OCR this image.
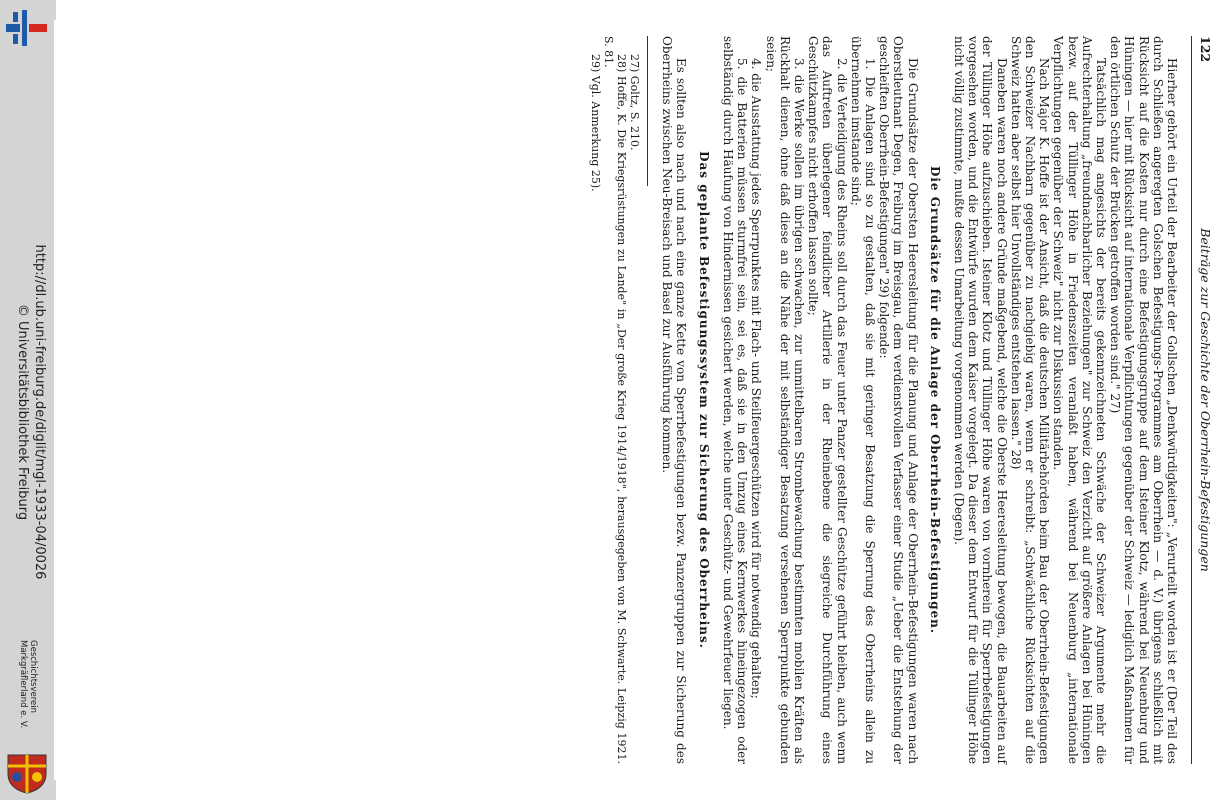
http://dl.ub.uni-freiburg.de/diglit/mgl-1933-04/0026
© Universitätsbibliothek Freiburg
Geschichtsverein
Markgräflerland e. V.
122
Beiträge zur Geschichte der Oberrhein-Befestigungen

Hierher gehört ein Urteil der Bearbeiter der Gollschen „Denkwürdigkeiten": „Verurteilt worden ist er (Der Teil des durch Schließen angeregten Golschen Befestigungs-Programmes am Oberrhein — d. V.) übrigens schließlich mit Rücksicht auf die Kosten nur durch eine Befestigungsgruppe auf dem Isteiner Klotz, während bei Neuenburg und Hüningen — hier mit Rücksicht auf internationale Verpflichtungen gegenüber der Schweiz — lediglich Maßnahmen für den örtlichen Schutz der Brücken getroffen worden sind." 27)

Tatsächlich mag angesichts der bereits gekennzeichneten Schwäche der Schweizer Argumente mehr die Aufrechterhaltung „freundnachbarlicher Beziehungen" zur Schweiz den Verzicht auf größere Anlagen bei Hüningen bezw. auf der Tüllinger Höhe in Friedenszeiten veranlaßt haben, während bei Neuenburg „internationale Verpflichtungen gegenüber der Schweiz" nicht zur Diskussion standen.

Nach Major K. Hoffe ist der Ansicht, daß die deutschen Militärbehörden beim Bau der Oberrhein-Befestigungen den Schweizer Nachbarn gegenüber zu nachgiebig waren, wenn er schreibt: „Schwächliche Rücksichten auf die Schweiz hatten aber selbst hier Unvollständiges entstehen lassen." 28)

Daneben waren noch andere Gründe maßgebend, welche die Oberste Heeresleitung bewogen, die Bauarbeiten auf der Tüllinger Höhe aufzuschieben. Isteiner Klotz und Tüllinger Höhe waren von vornherein für Sperrbefestigungen vorgesehen worden, und die Entwürfe wurden dem Kaiser vorgelegt. Da dieser dem Entwurf für die Tüllinger Höhe nicht völlig zustimmte, mußte dessen Umarbeitung vorgenommen werden (Degen).

Die Grundsätze für die Anlage der Oberrhein-Befestigungen.

Die Grundsätze der Obersten Heeresleitung für die Planung und Anlage der Oberrhein-Befestigungen waren nach Oberstleutnant Degen, Freiburg im Breisgau, dem verdienstvollen Verfasser einer Studie „Ueber die Entstehung der geschleiften Oberrhein-Befestigungen" 29) folgende:

1. Die Anlagen sind so zu gestalten, daß sie mit geringer Besatzung die Sperrung des Oberrheins allein zu übernehmen imstande sind;

2. die Verteidigung des Rheins soll durch das Feuer unter Panzer gestellter Geschütze geführt bleiben, auch wenn das Auftreten überlegener feindlicher Artillerie in der Rheinebene die siegreiche Durchführung eines Geschützkampfes nicht erhoffen lassen sollte;

3. die Werke sollen im übrigen schwachen, zur unmittelbaren Strombewachung bestimmten mobilen Kräften als Rückhalt dienen, ohne daß diese an die Nähe der mit selbständiger Besatzung versehenen Sperrpunkte gebunden seien;

4. die Ausstattung jedes Sperrpunktes mit Flach- und Steilfeuergeschützen wird für notwendig gehalten;

5. die Batterien müssen sturmfrei sein, sei es, daß sie in den Umzug eines Kernwerkes hineingezogen oder selbständig durch Häufung von Hindernissen gesichert werden, welche unter Geschütz- und Gewehrfeuer liegen.

Das geplante Befestigungssystem zur Sicherung des Oberrheins.

Es sollten also nach und nach eine ganze Kette von Sperrbefestigungen bezw. Panzergruppen zur Sicherung des Oberrheins zwischen Neu-Breisach und Basel zur Ausführung kommen.

27) Goltz, S. 210.

28) Hoffe, K. Die Kriegsrüstungen zu Lande" in „Der große Krieg 1914/1918", herausgegeben von M. Schwarte. Leipzig 1921. S. 81.

29) Vgl. Anmerkung 25).
